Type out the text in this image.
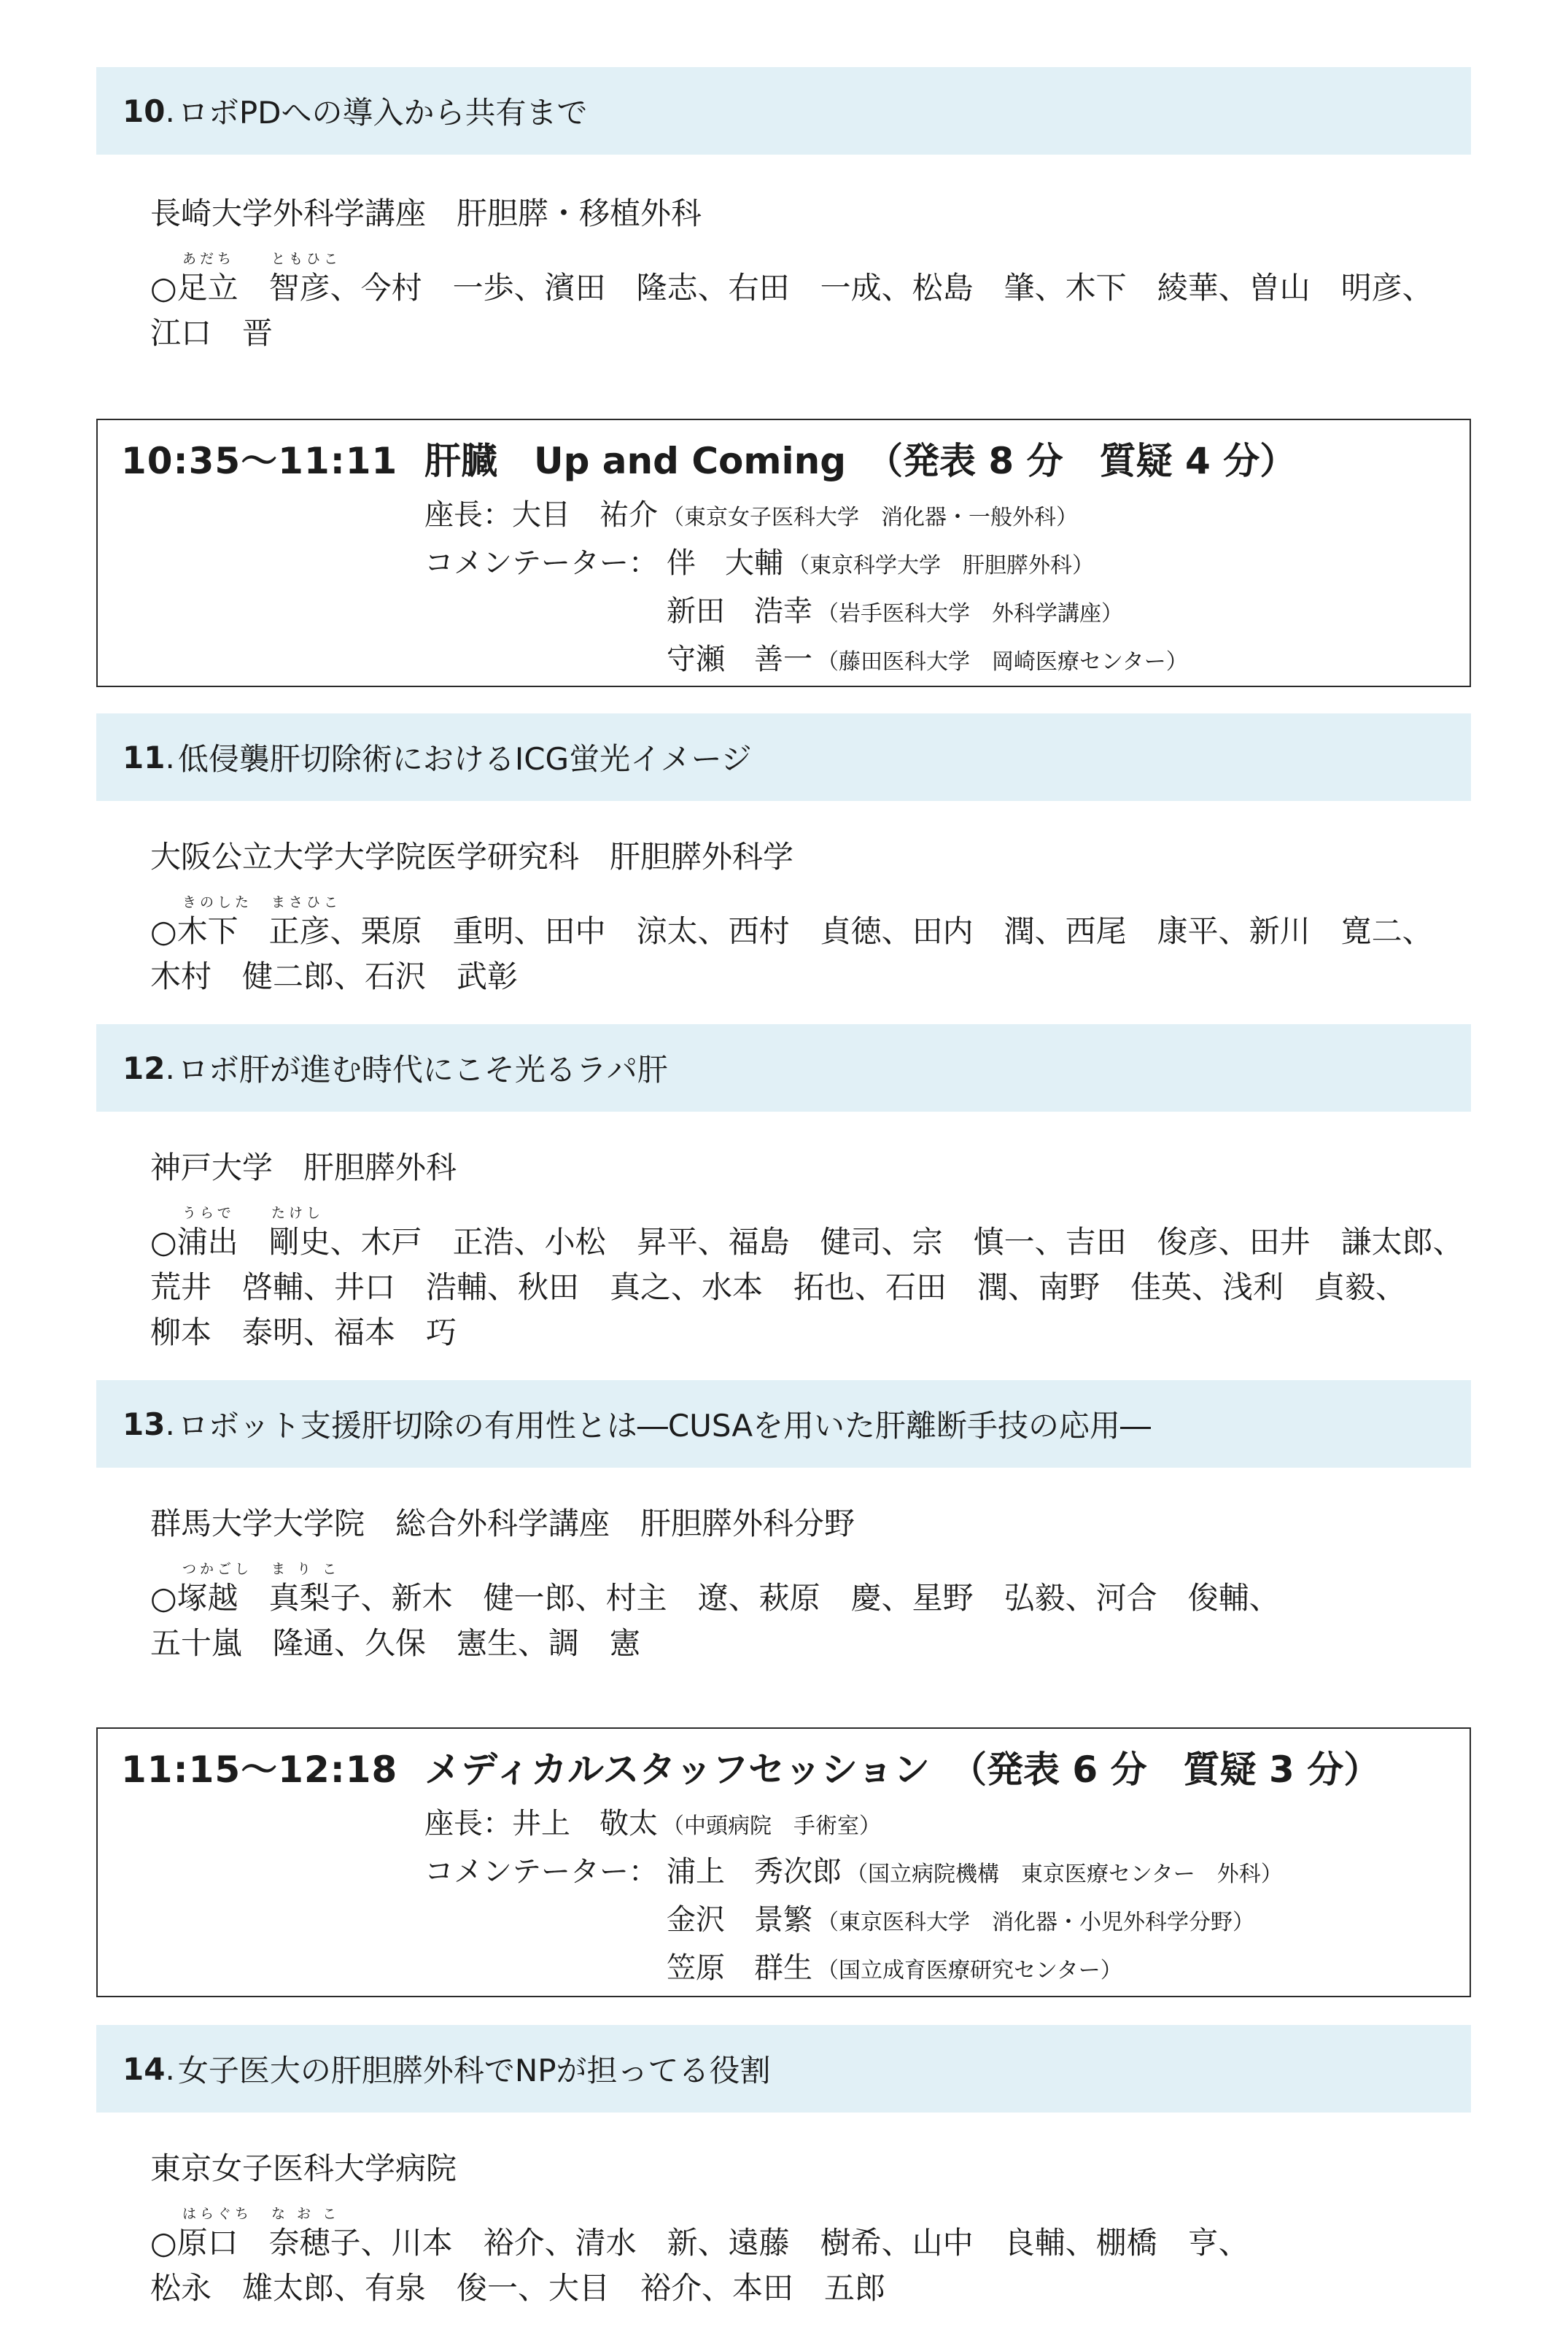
10 . ロボPDへの導入から共有まで
長崎大学外科学講座　肝胆膵・移植外科
あだち	ともひこ
○足立　智彦、今村　一歩、濱田　隆志、右田　一成、松島　肇、木下　綾華、曽山　明彦、
江口　晋
10:35〜11:11 肝臓　Up and Coming （発表 8 分　質疑 4 分）
座長：大目　祐介 （東京女子医科大学　消化器・一般外科）
コメンテーター： 伴　大輔 （東京科学大学　肝胆膵外科）
新田　浩幸 （岩手医科大学　外科学講座）
守瀬　善一 （藤田医科大学　岡崎医療センター）
11 . 低侵襲肝切除術におけるICG蛍光イメージ
大阪公立大学大学院医学研究科　肝胆膵外科学
きのした まさひこ
○木下　正彦、栗原　重明、田中　涼太、西村　貞徳、田内　潤、西尾　康平、新川　寛二、
木村　健二郎、石沢　武彰
12 . ロボ肝が進む時代にこそ光るラパ肝
神戸大学　肝胆膵外科
うらで	たけし
○浦出　剛史、木戸　正浩、小松　昇平、福島　健司、宗　慎一、吉田　俊彦、田井　謙太郎、
荒井　啓輔、井口　浩輔、秋田　真之、水本　拓也、石田　潤、南野　佳英、浅利　貞毅、
柳本　泰明、福本　巧
13 . ロボット支援肝切除の有用性とは―CUSAを用いた肝離断手技の応用―
群馬大学大学院　総合外科学講座　肝胆膵外科分野
つかごし ま り こ
○塚越　真梨子、新木　健一郎、村主　遼、萩原　慶、星野　弘毅、河合　俊輔、
五十嵐　隆通、久保　憲生、調　憲
11:15〜12:18 メディカルスタッフセッション （発表 6 分　質疑 3 分）
座長：井上　敬太 （中頭病院　手術室）
コメンテーター： 浦上　秀次郎 （国立病院機構　東京医療センター　外科）
金沢　景繁 （東京医科大学　消化器・小児外科学分野）
笠原　群生 （国立成育医療研究センター）
14 . 女子医大の肝胆膵外科でNPが担ってる役割
東京女子医科大学病院
はらぐち な お こ
○原口　奈穂子、川本　裕介、清水　新、遠藤　樹希、山中　良輔、棚橋　亨、
松永　雄太郎、有泉　俊一、大目　裕介、本田　五郎
